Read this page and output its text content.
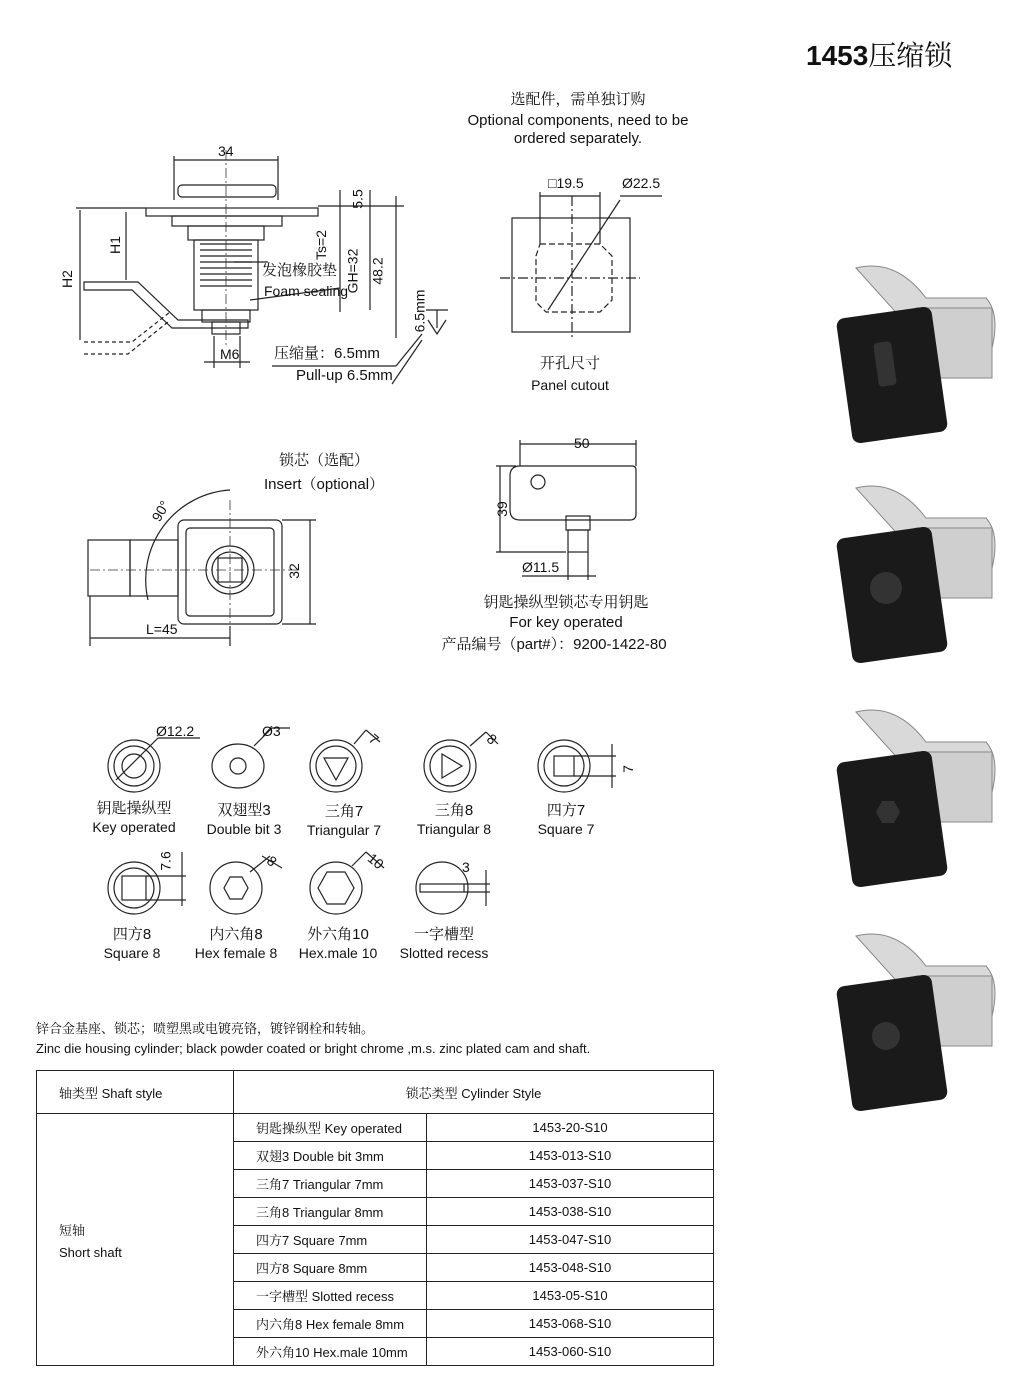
1453压缩锁
34
5.5
H1
H2
Ts=2
GH=32 48.2
6.5mm
M6
发泡橡胶垫
Foam sealing
压缩量：6.5mm
Pull-up 6.5mm
选配件，需单独订购
Optional components, need to be
ordered separately.
□19.5	Ø22.5
开孔尺寸
Panel cutout
锁芯（选配）
Insert（optional）
90°
32
L=45
50
39
Ø11.5
钥匙操纵型锁芯专用钥匙
For key operated
产品编号（part#）：9200-1422-80
Ø12.2	Ø3	7	8
7
7.6	8	10	3
钥匙操纵型
Key operated
双翅型3
Double bit 3
三角7
Triangular 7
三角8
Triangular 8
四方7
Square 7
四方8
Square 8
内六角8
Hex female 8
外六角10
Hex.male 10
一字槽型
Slotted recess
锌合金基座、锁芯；喷塑黑或电镀亮铬，镀锌钢栓和转轴。
Zinc die housing cylinder; black powder coated or bright chrome ,m.s. zinc plated cam and shaft.
轴类型 Shaft style	锁芯类型 Cylinder Style	

短轴
Short shaft	钥匙操纵型 Key operated	1453-20-S10
	双翅3 Double bit 3mm	1453-013-S10
	三角7 Triangular 7mm	1453-037-S10
	三角8 Triangular 8mm	1453-038-S10
	四方7 Square 7mm	1453-047-S10
	四方8 Square 8mm	1453-048-S10
	一字槽型 Slotted recess	1453-05-S10
	内六角8 Hex female 8mm	1453-068-S10
	外六角10 Hex.male 10mm	1453-060-S10
